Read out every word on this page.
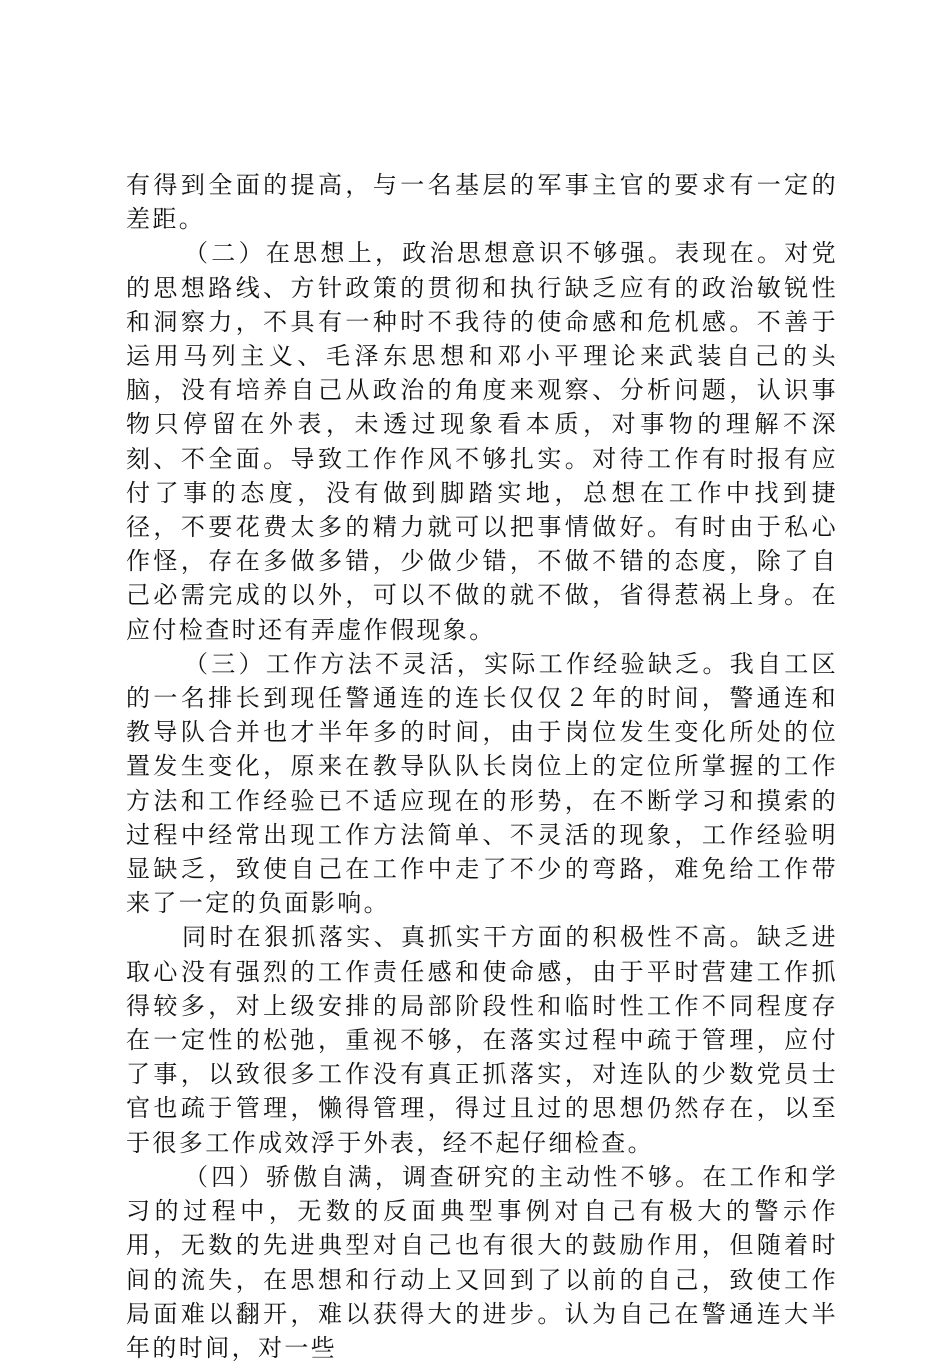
有得到全面的提高，与一名基层的军事主官的要求有一定的差距。

（二）在思想上，政治思想意识不够强。表现在。对党的思想路线、方针政策的贯彻和执行缺乏应有的政治敏锐性和洞察力，不具有一种时不我待的使命感和危机感。不善于运用马列主义、毛泽东思想和邓小平理论来武装自己的头脑，没有培养自己从政治的角度来观察、分析问题，认识事物只停留在外表，未透过现象看本质，对事物的理解不深刻、不全面。导致工作作风不够扎实。对待工作有时报有应付了事的态度，没有做到脚踏实地，总想在工作中找到捷径，不要花费太多的精力就可以把事情做好。有时由于私心作怪，存在多做多错，少做少错，不做不错的态度，除了自己必需完成的以外，可以不做的就不做，省得惹祸上身。在应付检查时还有弄虚作假现象。

（三）工作方法不灵活，实际工作经验缺乏。我自工区的一名排长到现任警通连的连长仅仅２年的时间，警通连和教导队合并也才半年多的时间，由于岗位发生变化所处的位置发生变化，原来在教导队队长岗位上的定位所掌握的工作方法和工作经验已不适应现在的形势，在不断学习和摸索的过程中经常出现工作方法简单、不灵活的现象，工作经验明显缺乏，致使自己在工作中走了不少的弯路，难免给工作带来了一定的负面影响。

同时在狠抓落实、真抓实干方面的积极性不高。缺乏进取心没有强烈的工作责任感和使命感，由于平时营建工作抓得较多，对上级安排的局部阶段性和临时性工作不同程度存在一定性的松弛，重视不够，在落实过程中疏于管理，应付了事，以致很多工作没有真正抓落实，对连队的少数党员士官也疏于管理，懒得管理，得过且过的思想仍然存在，以至于很多工作成效浮于外表，经不起仔细检查。

（四）骄傲自满，调查研究的主动性不够。在工作和学习的过程中，无数的反面典型事例对自己有极大的警示作用，无数的先进典型对自己也有很大的鼓励作用，但随着时间的流失，在思想和行动上又回到了以前的自己，致使工作局面难以翻开，难以获得大的进步。认为自己在警通连大半年的时间，对一些
